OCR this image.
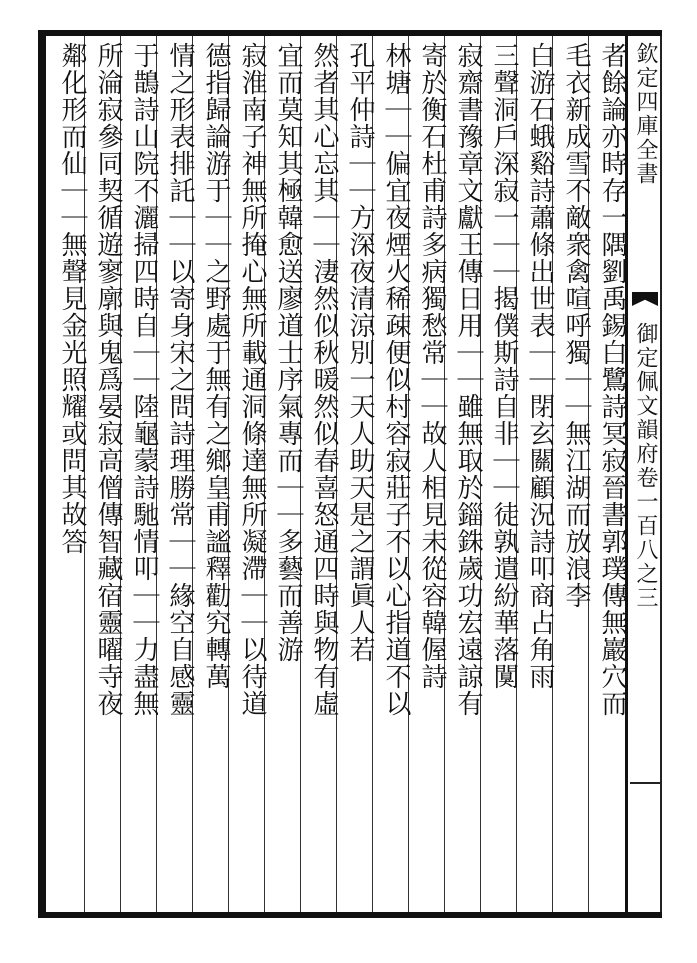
欽定四庫全書
御定佩文韻府卷一百八之三
者餘論亦時存一隅劉禹錫白鷺詩冥寂晉書郭璞傳無巖穴而
毛衣新成雪不敵衆禽喧呼獨｜｜無江湖而放浪李
白游石蛾谿詩蕭條出世表｜｜閉玄關顧況詩叩商占角雨
三聲洞戶深寂一｜｜揭僕斯詩自非｜｜徒孰遣紛華落闃
寂齋書豫章文獻王傳日用｜｜雖無取於錙銖歲功宏遠諒有
寄於衡石杜甫詩多病獨愁常｜｜故人相見未從容韓偓詩
林塘｜｜偏宜夜煙火稀疎便似村容寂莊子不以心指道不以
孔平仲詩｜｜方深夜清涼別一天人助天是之謂眞人若
然者其心忘其｜｜淒然似秋暖然似春喜怒通四時與物有虛
宜而莫知其極韓愈送廖道士序氣專而｜｜多藝而善游
寂淮南子神無所掩心無所載通洞條達無所凝滯｜｜以待道
德指歸論游于｜｜之野處于無有之鄉皇甫謐釋勸究轉萬
情之形表排託｜｜以寄身宋之問詩理勝常｜｜緣空自感靈
于鵲詩山院不灑掃四時自｜｜陸龜蒙詩馳情叩｜｜力盡無
所淪寂參同契循遊寥廓與鬼爲晏寂高僧傳智藏宿靈曜寺夜
鄰化形而仙｜｜無聲見金光照耀或問其故答
